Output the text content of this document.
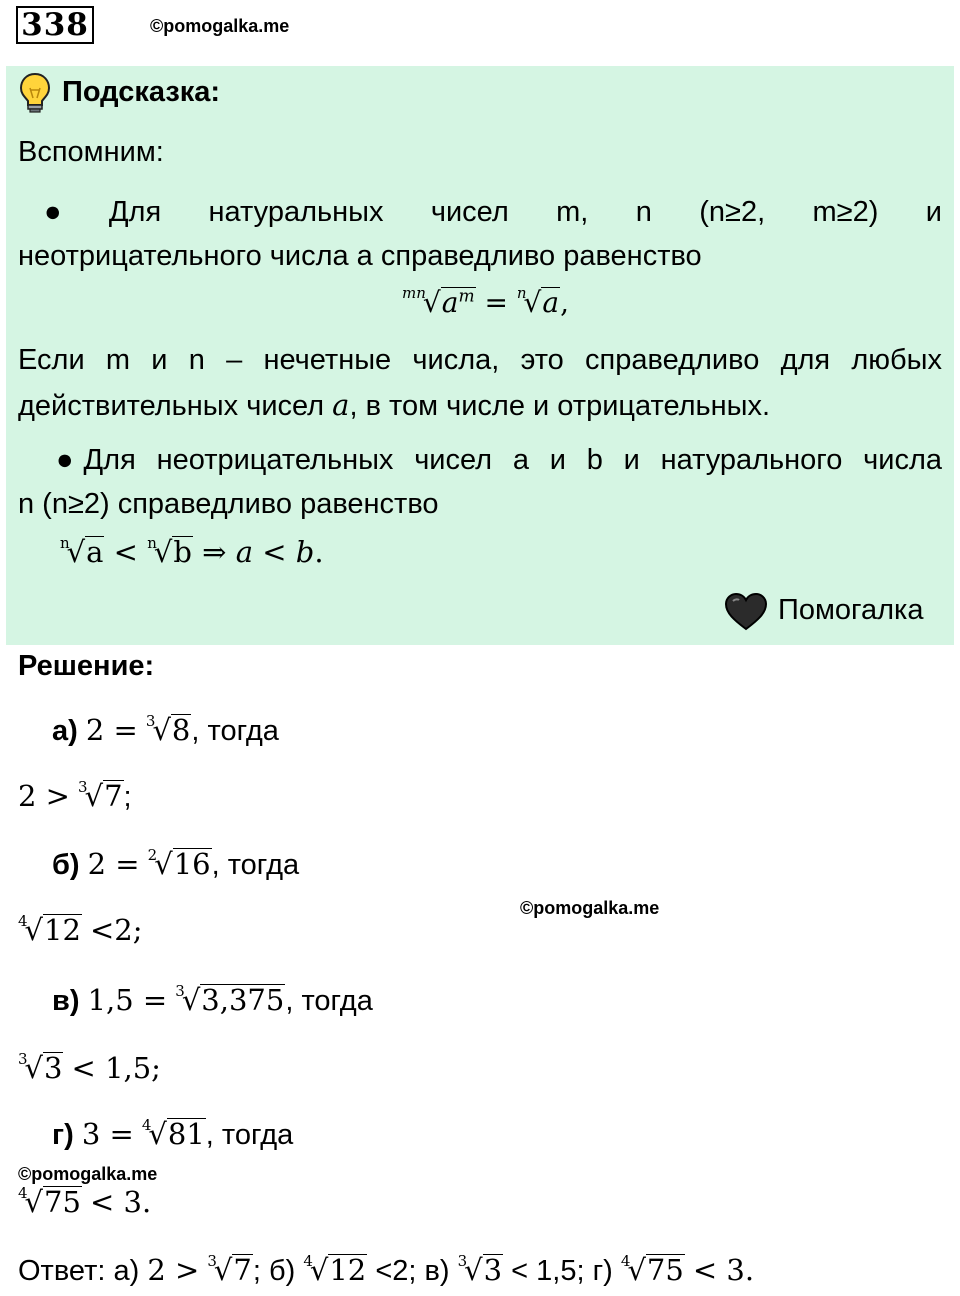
338	©pomogalka.me
Подсказка:
Вспомним:
● Для натуральных чисел m, n (n≥2, m≥2) и
неотрицательного числа а справедливо равенство
$^{mn}√a^m = ^n√a$,
Если m и n – нечетные числа, это справедливо для любых
действительных чисел a, в том числе и отрицательных.
● Для неотрицательных чисел а и b и натурального числа
n (n≥2) справедливо равенство
$^n$√a < $^n$√b ⇒ a < b.
Помогалка
Решение:
а) 2 = $^3$√8, тогда
2 > $^3$√7;
б) 2 = $^2$√16, тогда
$^4$√12 <2;
©pomogalka.me
в) 1,5 = $^3$√3,375, тогда
$^3$√3 < 1,5;
г) 3 = $^4$√81, тогда
©pomogalka.me
$^4$√75 < 3.
Ответ: а) 2 > $^3$√7; б) $^4$√12 <2; в) $^3$√3 < 1,5; г) $^4$√75 < 3.
